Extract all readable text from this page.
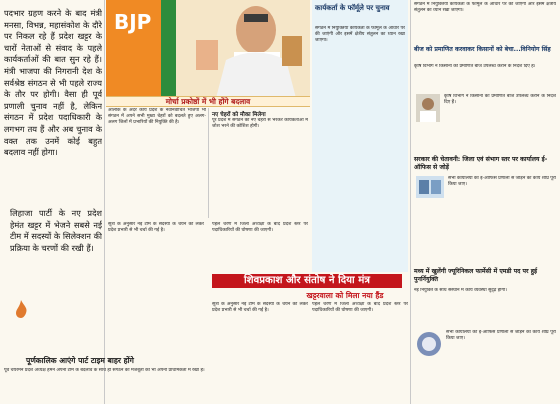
पदभार ग्रहण करने के बाद मंत्री मनसा, विभन्न, महासंकोश के दौरे पर निकल रहे हैं प्रदेश खट्टर के चारों नेताओं से संवाद के पहले कार्यकर्ताओं की बात सुन रहे हैं। मंत्री भाजपा की निगरानी देश के सर्वश्रेष्ठ संगठन से भी पहले राज्य के तौर पर होगी। वैसा ही पूर्व प्रणाली चुनाव नहीं है, लेकिन संगठन में प्रदेश पदाधिकारी के लगभग तय हैं और अब चुनाव के वक्त तक उनमें कोई बहुत बदलाव नहीं होगा।
लिहाजा पार्टी के नए प्रदेश हेमंत खट्टर में भेजने सबसे नई टीम में सदस्यों के सिलेक्शन की प्रक्रिया के चरणों की रखी हैं।
पूर्णकालिक आएंगे पार्ट टाइम बाहर होंगे
पूर्व चेयरमैन प्रदेश अध्यक्ष हमने अपनी टीम के बदलाव के साथ ही संगठन की मजबूती को भी अपनी प्राथमिकता में रखा है।
BJP
मोर्चा प्रकोष्ठों में भी होंगे बदलाव
आलोक के अंदर कार्य प्रदेश के नवनिर्वाचित भाजपा भी संगठन में अपने सभी मुख्य चेहरों को बदलते हुए अलग-अलग जिलों में प्रभारियों की नियुक्ति की है।
नए चेहरों को मौका मिलेगा
पूरे प्रदेश में संगठन को नए चेहरों से भरकर कार्यकर्ताओं में जोश भरने की कोशिश होगी।
सूत्रों के अनुसार नई टीम के सदस्यों के चयन को लेकर प्रदेश प्रभारी से भी चर्चा की गई है।
पहले चरण में जिला अध्यक्षों के बाद प्रदेश स्तर पर पदाधिकारियों की घोषणा की जाएगी।
शिवप्रकाश और संतोष ने दिया मंत्र
खट्टरवाला को मिला नया हैंड
सूत्रों के अनुसार नई टीम के सदस्यों के चयन को लेकर प्रदेश प्रभारी से भी चर्चा की गई है।
पहले चरण में जिला अध्यक्षों के बाद प्रदेश स्तर पर पदाधिकारियों की घोषणा की जाएगी।
कार्यकर्ता के फॉर्मूले पर चुनाव
संगठन में नियुक्तियां कार्यकर्ता के फॉर्मूले के आधार पर की जाएंगी और इसमें क्षेत्रीय संतुलन का ध्यान रखा जाएगा।
संगठन में नियुक्तियां कार्यकर्ता के फॉर्मूले के आधार पर की जाएंगी और इसमें क्षेत्रीय संतुलन का ध्यान रखा जाएगा।
बीज को प्रमाणित करवाकर किसानों को बेचा...विनियोग सिंह
कृषि विभाग ने किसानों को प्रमाणित बीज उपलब्ध कराने के निर्देश दिए हैं।
कृषि विभाग ने किसानों को प्रमाणित बीज उपलब्ध कराने के निर्देश दिए हैं।
सरकार की चेतावनी: जिला एवं संभाग स्तर पर कार्यालय ई-ऑफिस से जोड़ें
सभी कार्यालयों को ई-ऑफिस प्रणाली से जोड़ने का कार्य शीघ्र पूरा किया जाए।
मध्य में खुलेंगी ज्यूरिनिकल फार्मेसी में एमडी पद पर हुई पुनर्नियुक्ति
नई नियुक्ति के साथ संस्थान में कार्य व्यवस्था सुदृढ़ होगी।
सभी कार्यालयों को ई-ऑफिस प्रणाली से जोड़ने का कार्य शीघ्र पूरा किया जाए।
